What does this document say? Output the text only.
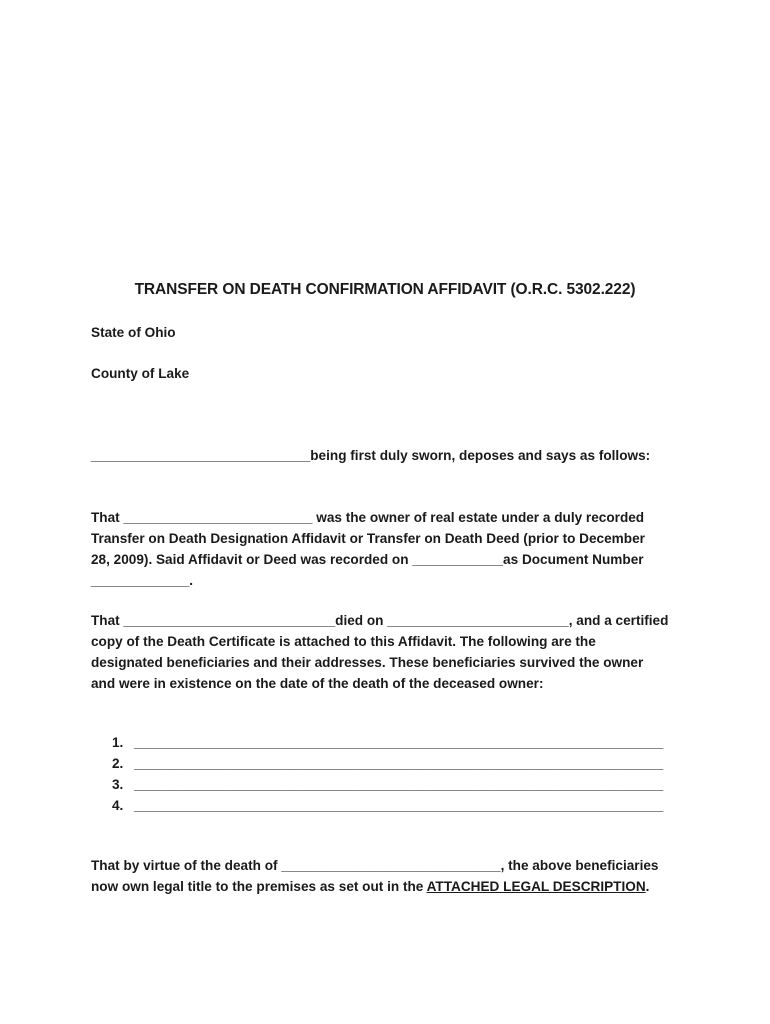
TRANSFER ON DEATH CONFIRMATION AFFIDAVIT (O.R.C. 5302.222)

State of Ohio

County of Lake

_____________________________being first duly sworn, deposes and says as follows:

That _________________________ was the owner of real estate under a duly recorded
Transfer on Death Designation Affidavit or Transfer on Death Deed (prior to December
28, 2009). Said Affidavit or Deed was recorded on ____________as Document Number
_____________.
That ____________________________died on ________________________, and a certified
copy of the Death Certificate is attached to this Affidavit. The following are the
designated beneficiaries and their addresses. These beneficiaries survived the owner
and were in existence on the date of the death of the deceased owner:
1. ______________________________________________________________________
2. ______________________________________________________________________
3. ______________________________________________________________________
4. ______________________________________________________________________
That by virtue of the death of _____________________________, the above beneficiaries
now own legal title to the premises as set out in the ATTACHED LEGAL DESCRIPTION.
